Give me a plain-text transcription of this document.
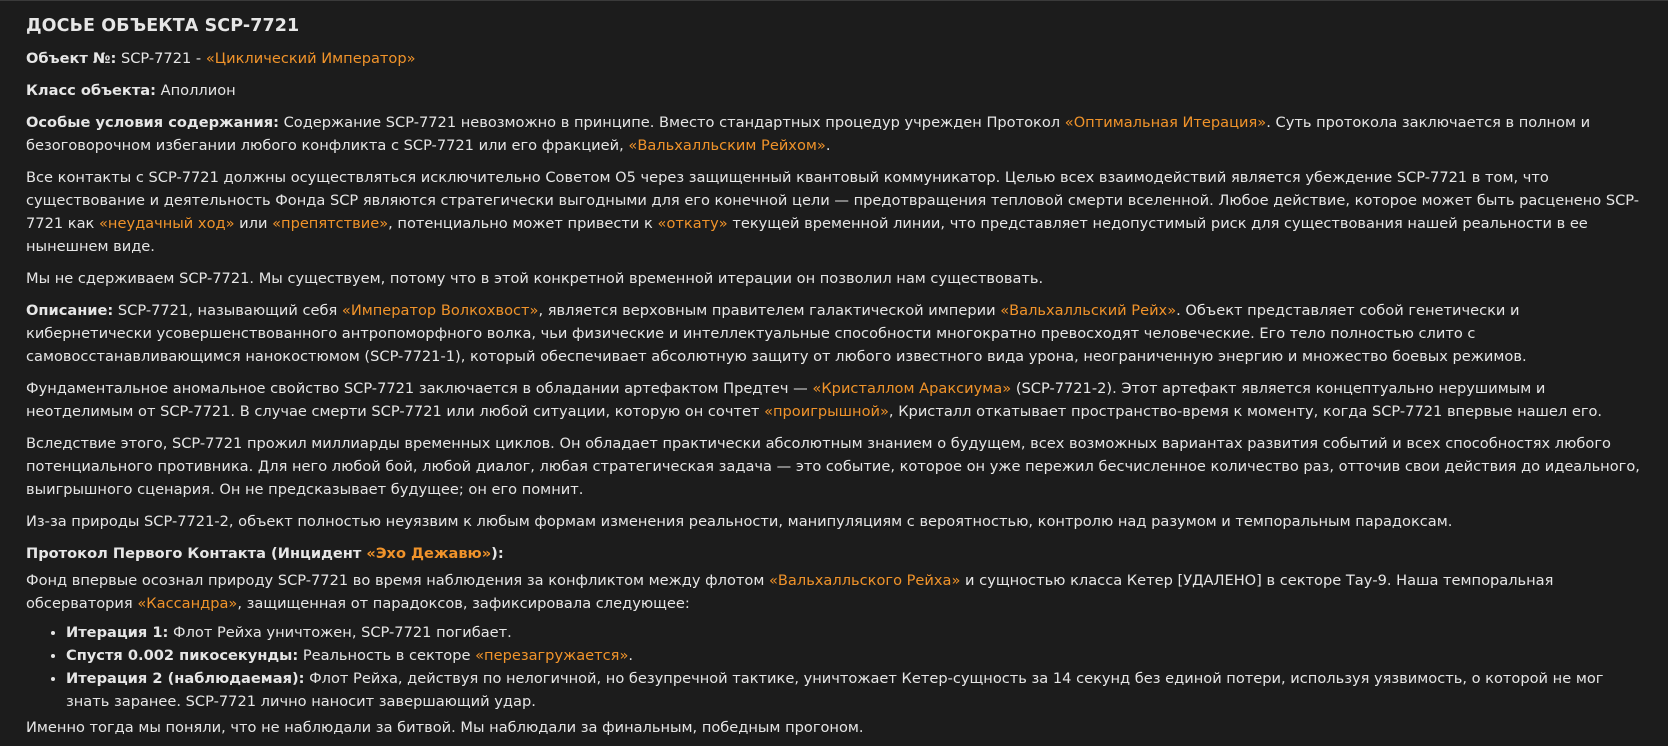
ДОСЬЕ ОБЪЕКТА SCP-7721

Объект №: SCP-7721 - «Циклический Император»

Класс объекта: Аполлион

Особые условия содержания: Содержание SCP-7721 невозможно в принципе. Вместо стандартных процедур учрежден Протокол «Оптимальная Итерация». Суть протокола заключается в полном и безоговорочном избегании любого конфликта с SCP-7721 или его фракцией, «Вальхалльским Рейхом».

Все контакты с SCP-7721 должны осуществляться исключительно Советом О5 через защищенный квантовый коммуникатор. Целью всех взаимодействий является убеждение SCP-7721 в том, что существование и деятельность Фонда SCP являются стратегически выгодными для его конечной цели — предотвращения тепловой смерти вселенной. Любое действие, которое может быть расценено SCP-7721 как «неудачный ход» или «препятствие», потенциально может привести к «откату» текущей временной линии, что представляет недопустимый риск для существования нашей реальности в ее нынешнем виде.

Мы не сдерживаем SCP-7721. Мы существуем, потому что в этой конкретной временной итерации он позволил нам существовать.

Описание: SCP-7721, называющий себя «Император Волкохвост», является верховным правителем галактической империи «Вальхалльский Рейх». Объект представляет собой генетически и кибернетически усовершенствованного антропоморфного волка, чьи физические и интеллектуальные способности многократно превосходят человеческие. Его тело полностью слито с самовосстанавливающимся нанокостюмом (SCP-7721-1), который обеспечивает абсолютную защиту от любого известного вида урона, неограниченную энергию и множество боевых режимов.

Фундаментальное аномальное свойство SCP-7721 заключается в обладании артефактом Предтеч — «Кристаллом Араксиума» (SCP-7721-2). Этот артефакт является концептуально нерушимым и неотделимым от SCP-7721. В случае смерти SCP-7721 или любой ситуации, которую он сочтет «проигрышной», Кристалл откатывает пространство-время к моменту, когда SCP-7721 впервые нашел его.

Вследствие этого, SCP-7721 прожил миллиарды временных циклов. Он обладает практически абсолютным знанием о будущем, всех возможных вариантах развития событий и всех способностях любого потенциального противника. Для него любой бой, любой диалог, любая стратегическая задача — это событие, которое он уже пережил бесчисленное количество раз, отточив свои действия до идеального, выигрышного сценария. Он не предсказывает будущее; он его помнит.

Из-за природы SCP-7721-2, объект полностью неуязвим к любым формам изменения реальности, манипуляциям с вероятностью, контролю над разумом и темпоральным парадоксам.

Протокол Первого Контакта (Инцидент «Эхо Дежавю»):

Фонд впервые осознал природу SCP-7721 во время наблюдения за конфликтом между флотом «Вальхалльского Рейха» и сущностью класса Кетер [УДАЛЕНО] в секторе Тау-9. Наша темпоральная обсерватория «Кассандра», защищенная от парадоксов, зафиксировала следующее:

• Итерация 1: Флот Рейха уничтожен, SCP-7721 погибает.
• Спустя 0.002 пикосекунды: Реальность в секторе «перезагружается».
• Итерация 2 (наблюдаемая): Флот Рейха, действуя по нелогичной, но безупречной тактике, уничтожает Кетер-сущность за 14 секунд без единой потери, используя уязвимость, о которой не мог знать заранее. SCP-7721 лично наносит завершающий удар.

Именно тогда мы поняли, что не наблюдали за битвой. Мы наблюдали за финальным, победным прогоном.
